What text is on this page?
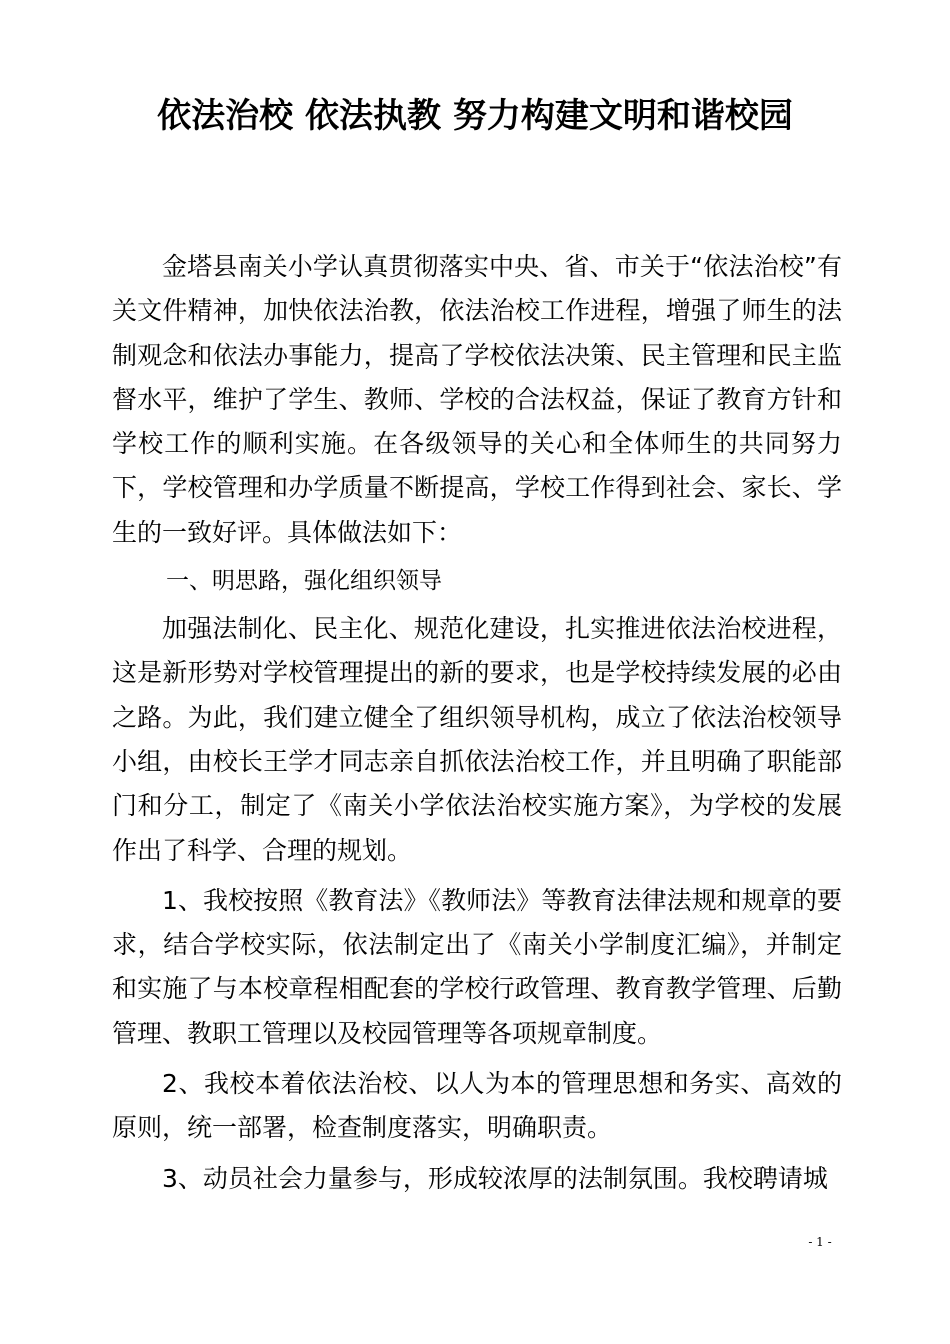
依法治校 依法执教 努力构建文明和谐校园

金塔县南关小学认真贯彻落实中央、省、市关于“依法治校”有关文件精神，加快依法治教，依法治校工作进程，增强了师生的法制观念和依法办事能力，提高了学校依法决策、民主管理和民主监督水平，维护了学生、教师、学校的合法权益，保证了教育方针和学校工作的顺利实施。在各级领导的关心和全体师生的共同努力下，学校管理和办学质量不断提高，学校工作得到社会、家长、学生的一致好评。具体做法如下：

一、明思路，强化组织领导

加强法制化、民主化、规范化建设，扎实推进依法治校进程，这是新形势对学校管理提出的新的要求，也是学校持续发展的必由之路。为此，我们建立健全了组织领导机构，成立了依法治校领导小组，由校长王学才同志亲自抓依法治校工作，并且明确了职能部门和分工，制定了《南关小学依法治校实施方案》，为学校的发展作出了科学、合理的规划。

1、我校按照《教育法》《教师法》等教育法律法规和规章的要求，结合学校实际，依法制定出了《南关小学制度汇编》，并制定和实施了与本校章程相配套的学校行政管理、教育教学管理、后勤管理、教职工管理以及校园管理等各项规章制度。

2、我校本着依法治校、以人为本的管理思想和务实、高效的原则，统一部署，检查制度落实，明确职责。

3、动员社会力量参与，形成较浓厚的法制氛围。我校聘请城

- 1 -
